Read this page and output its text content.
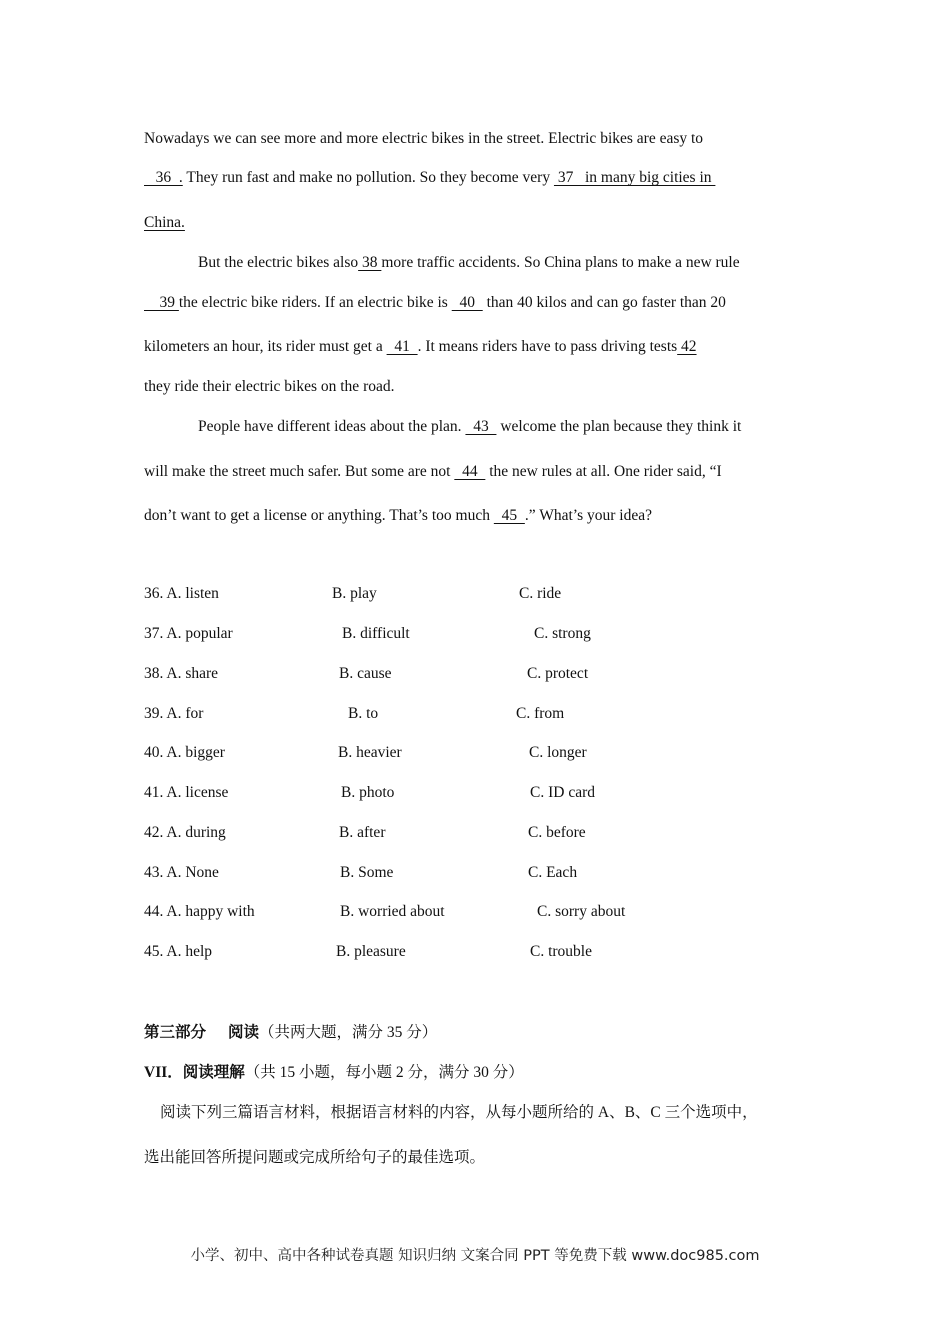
Nowadays we can see more and more electric bikes in the street. Electric bikes are easy to
36  . They run fast and make no pollution. So they become very  37   in many big cities in
China.
But the electric bikes also 38 more traffic accidents. So China plans to make a new rule
39 the electric bike riders. If an electric bike is   40   than 40 kilos and can go faster than 20
kilometers an hour, its rider must get a   41  . It means riders have to pass driving tests 42
they ride their electric bikes on the road.
People have different ideas about the plan.   43   welcome the plan because they think it
will make the street much safer. But some are not   44   the new rules at all. One rider said, “I
don’t want to get a license or anything. That’s too much   45  .” What’s your idea?
36. A. listen	B. play	C. ride
37. A. popular	B. difficult	C. strong
38. A. share	B. cause	C. protect
39. A. for	B. to	C. from
40. A. bigger	B. heavier	C. longer
41. A. license	B. photo	C. ID card
42. A. during	B. after	C. before
43. A. None	B. Some	C. Each
44. A. happy with	B. worried about	C. sorry about
45. A. help	B. pleasure	C. trouble
第三部分 阅读（共两大题，满分 35 分）
VII．阅读理解（共 15 小题，每小题 2 分，满分 30 分）
阅读下列三篇语言材料，根据语言材料的内容，从每小题所给的 A、B、C 三个选项中，
选出能回答所提问题或完成所给句子的最佳选项。
小学、初中、高中各种试卷真题 知识归纳 文案合同 PPT 等免费下载 www.doc985.com
